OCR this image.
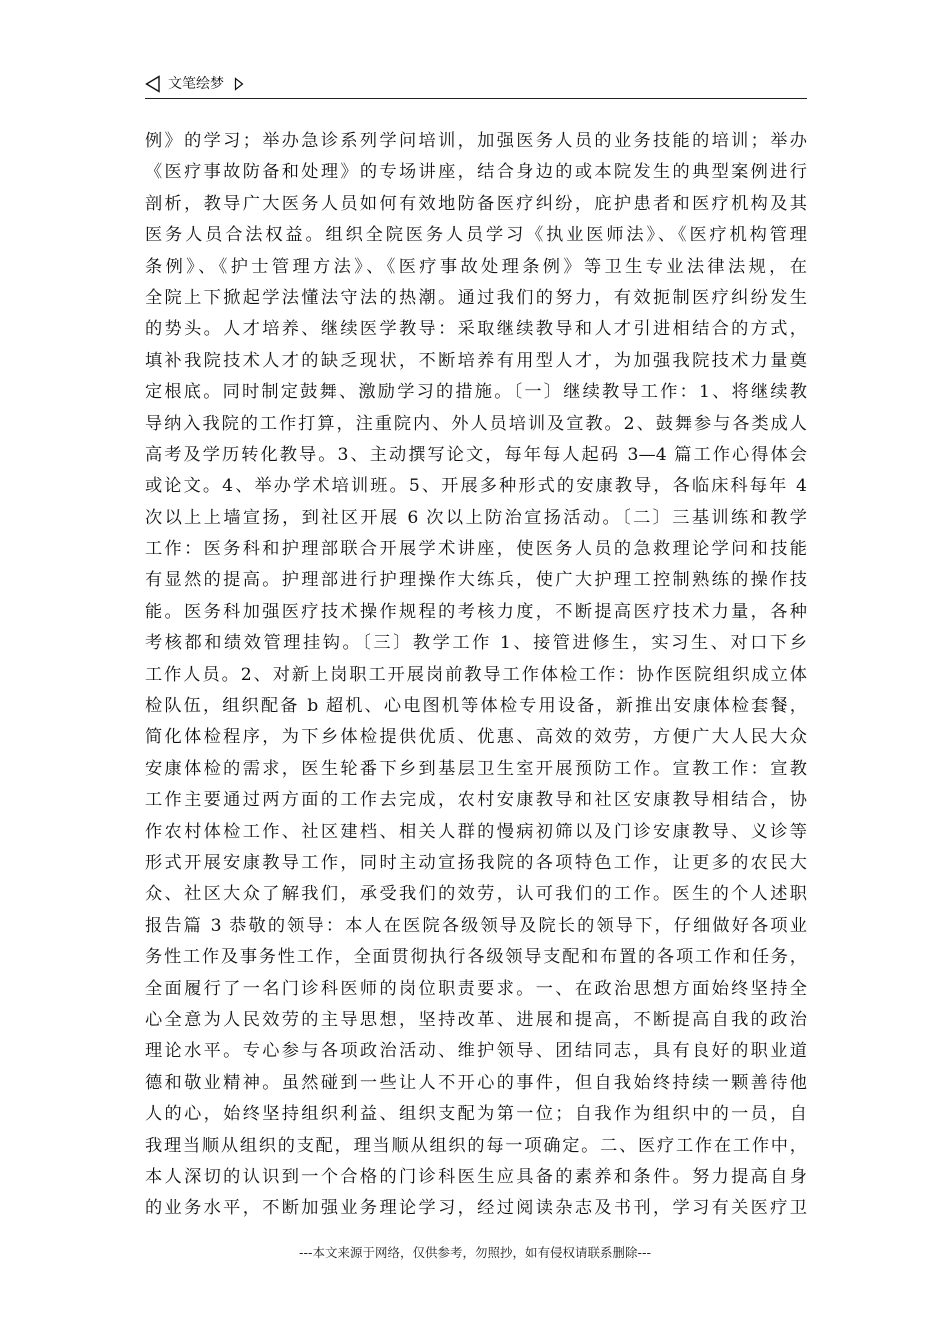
文笔绘梦
例》的学习；举办急诊系列学问培训，加强医务人员的业务技能的培训；举办
《医疗事故防备和处理》的专场讲座，结合身边的或本院发生的典型案例进行
剖析，教导广大医务人员如何有效地防备医疗纠纷，庇护患者和医疗机构及其
医务人员合法权益。组织全院医务人员学习《执业医师法》、《医疗机构管理
条例》、《护士管理方法》、《医疗事故处理条例》等卫生专业法律法规，在
全院上下掀起学法懂法守法的热潮。通过我们的努力，有效扼制医疗纠纷发生
的势头。人才培养、继续医学教导：采取继续教导和人才引进相结合的方式，
填补我院技术人才的缺乏现状，不断培养有用型人才，为加强我院技术力量奠
定根底。同时制定鼓舞、激励学习的措施。〔一〕继续教导工作：1、将继续教
导纳入我院的工作打算，注重院内、外人员培训及宣教。2、鼓舞参与各类成人
高考及学历转化教导。3、主动撰写论文，每年每人起码 3—4 篇工作心得体会
或论文。4、举办学术培训班。5、开展多种形式的安康教导，各临床科每年 4
次以上上墙宣扬，到社区开展 6 次以上防治宣扬活动。〔二〕三基训练和教学
工作：医务科和护理部联合开展学术讲座，使医务人员的急救理论学问和技能
有显然的提高。护理部进行护理操作大练兵，使广大护理工控制熟练的操作技
能。医务科加强医疗技术操作规程的考核力度，不断提高医疗技术力量，各种
考核都和绩效管理挂钩。〔三〕教学工作 1、接管进修生，实习生、对口下乡
工作人员。2、对新上岗职工开展岗前教导工作体检工作：协作医院组织成立体
检队伍，组织配备 b 超机、心电图机等体检专用设备，新推出安康体检套餐，
简化体检程序，为下乡体检提供优质、优惠、高效的效劳，方便广大人民大众
安康体检的需求，医生轮番下乡到基层卫生室开展预防工作。宣教工作：宣教
工作主要通过两方面的工作去完成，农村安康教导和社区安康教导相结合，协
作农村体检工作、社区建档、相关人群的慢病初筛以及门诊安康教导、义诊等
形式开展安康教导工作，同时主动宣扬我院的各项特色工作，让更多的农民大
众、社区大众了解我们，承受我们的效劳，认可我们的工作。医生的个人述职
报告篇 3 恭敬的领导：本人在医院各级领导及院长的领导下，仔细做好各项业
务性工作及事务性工作，全面贯彻执行各级领导支配和布置的各项工作和任务，
全面履行了一名门诊科医师的岗位职责要求。一、在政治思想方面始终坚持全
心全意为人民效劳的主导思想，坚持改革、进展和提高，不断提高自我的政治
理论水平。专心参与各项政治活动、维护领导、团结同志，具有良好的职业道
德和敬业精神。虽然碰到一些让人不开心的事件，但自我始终持续一颗善待他
人的心，始终坚持组织利益、组织支配为第一位；自我作为组织中的一员，自
我理当顺从组织的支配，理当顺从组织的每一项确定。二、医疗工作在工作中，
本人深切的认识到一个合格的门诊科医生应具备的素养和条件。努力提高自身
的业务水平，不断加强业务理论学习，经过阅读杂志及书刊，学习有关医疗卫
---本文来源于网络，仅供参考，勿照抄，如有侵权请联系删除---
